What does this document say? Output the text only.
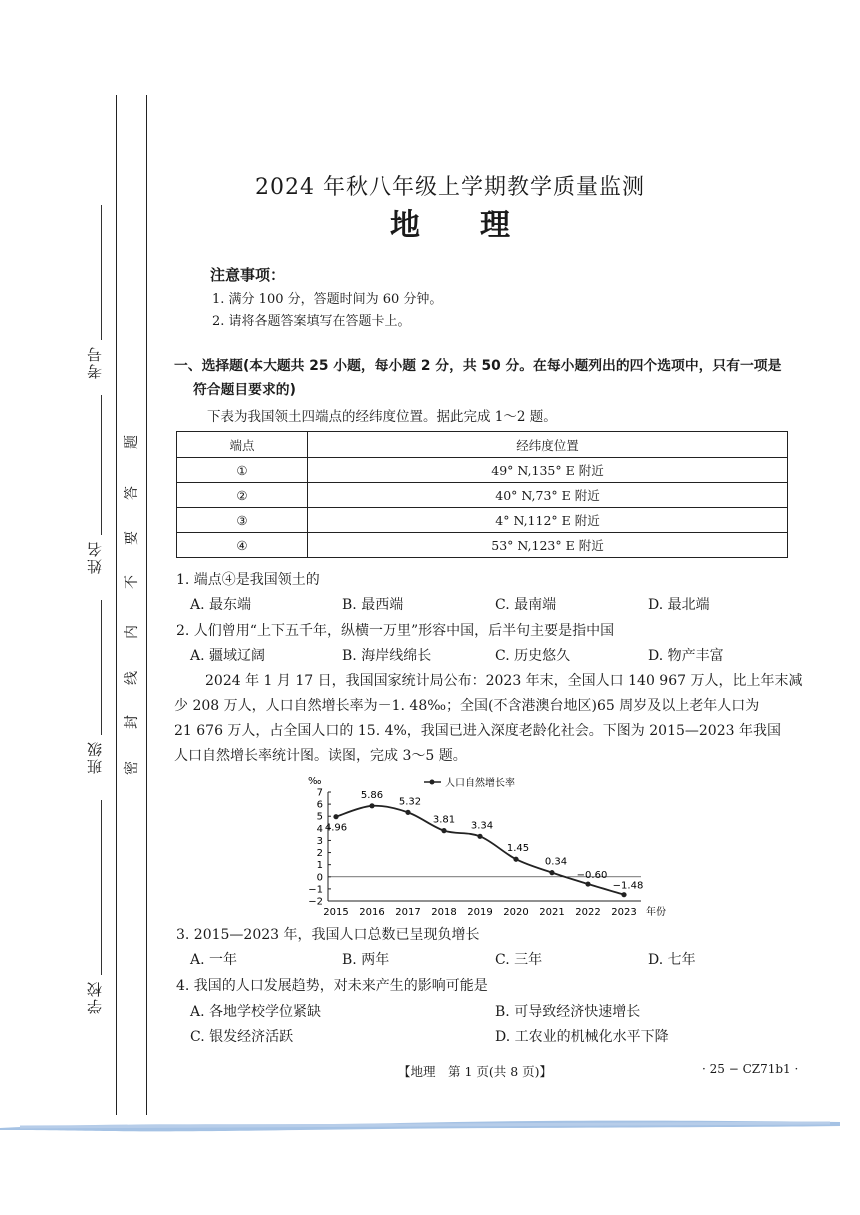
考号
姓名
班级
学校
题
答
要
不
内
线
封
密
2024 年秋八年级上学期教学质量监测
地　　理
注意事项：
1. 满分 100 分，答题时间为 60 分钟。
2. 请将各题答案填写在答题卡上。
一、选择题(本大题共 25 小题，每小题 2 分，共 50 分。在每小题列出的四个选项中，只有一项是
符合题目要求的)
下表为我国领土四端点的经纬度位置。据此完成 1～2 题。
端点	经纬度位置
①	49° N,135° E 附近
②	40° N,73° E 附近
③	4° N,112° E 附近
④	53° N,123° E 附近
1. 端点④是我国领土的
A. 最东端	B. 最西端	C. 最南端	D. 最北端
2. 人们曾用“上下五千年，纵横一万里”形容中国，后半句主要是指中国
A. 疆域辽阔	B. 海岸线绵长	C. 历史悠久	D. 物产丰富
2024 年 1 月 17 日，我国国家统计局公布：2023 年末，全国人口 140 967 万人，比上年末减
少 208 万人，人口自然增长率为－1. 48‰；全国(不含港澳台地区)65 周岁及以上老年人口为
21 676 万人，占全国人口的 15. 4%，我国已进入深度老龄化社会。下图为 2015—2023 年我国
人口自然增长率统计图。读图，完成 3～5 题。
‰
7
6
5
4
3
2
1
0
−1
−2
2015 2016 2017 2018 2019 2020 2021 2022 2023
4.96
5.86
5.32
3.81
3.34
1.45
0.34
−0.60
−1.48
人口自然增长率
年份
3. 2015—2023 年，我国人口总数已呈现负增长
A. 一年	B. 两年	C. 三年	D. 七年
4. 我国的人口发展趋势，对未来产生的影响可能是
A. 各地学校学位紧缺	B. 可导致经济快速增长
C. 银发经济活跃	D. 工农业的机械化水平下降
【地理　第 1 页(共 8 页)】	· 25 − CZ71b1 ·
